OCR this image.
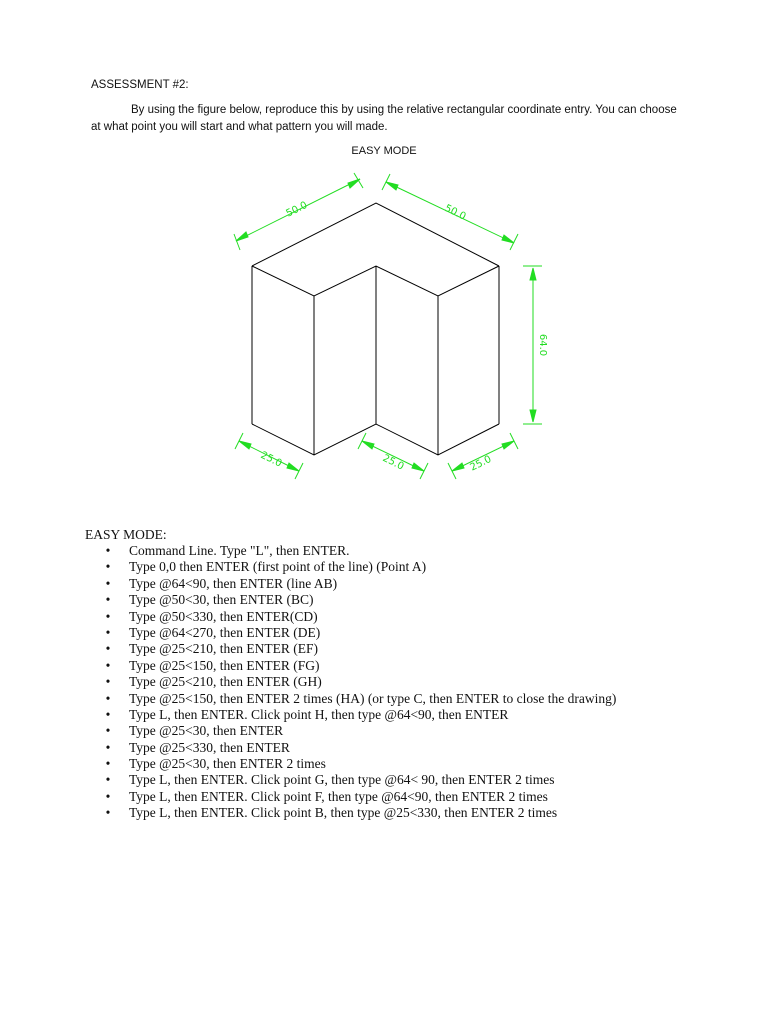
ASSESSMENT #2:
By using the figure below, reproduce this by using the relative rectangular coordinate entry. You can choose at what point you will start and what pattern you will made.
EASY MODE
50.0	50.0
64.0
25.0	25.0	25.0
EASY MODE:
• Command Line. Type "L", then ENTER.
• Type 0,0 then ENTER (first point of the line) (Point A)
• Type @64<90, then ENTER (line AB)
• Type @50<30, then ENTER (BC)
• Type @50<330, then ENTER(CD)
• Type @64<270, then ENTER (DE)
• Type @25<210, then ENTER (EF)
• Type @25<150, then ENTER (FG)
• Type @25<210, then ENTER (GH)
• Type @25<150, then ENTER 2 times (HA) (or type C, then ENTER to close the drawing)
• Type L, then ENTER. Click point H, then type @64<90, then ENTER
• Type @25<30, then ENTER
• Type @25<330, then ENTER
• Type @25<30, then ENTER 2 times
• Type L, then ENTER. Click point G, then type @64< 90, then ENTER 2 times
• Type L, then ENTER. Click point F, then type @64<90, then ENTER 2 times
• Type L, then ENTER. Click point B, then type @25<330, then ENTER 2 times
